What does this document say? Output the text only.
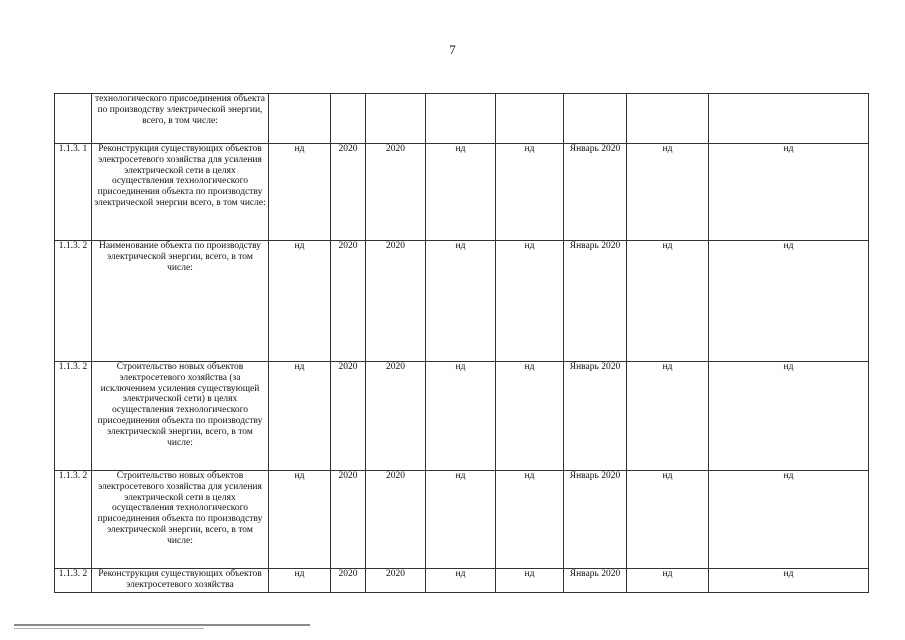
7
	технологического присоединения объекта по производству электрической энергии, всего, в том числе:								
1.1.3. 1	Реконструкция существующих объектов электросетевого хозяйства для усиления электрической сети в целях осуществления технологического присоединения объекта по производству электрической энергии всего, в том числе:	нд	2020	2020	нд	нд	Январь 2020	нд	нд
1.1.3. 2	Наименование объекта по производству электрической энергии, всего, в том числе:	нд	2020	2020	нд	нд	Январь 2020	нд	нд
1.1.3. 2	Строительство новых объектов электросетевого хозяйства (за исключением усиления существующей электрической сети) в целях осуществления технологического присоединения объекта по производству электрической энергии, всего, в том числе:	нд	2020	2020	нд	нд	Январь 2020	нд	нд
1.1.3. 2	Строительство новых объектов электросетевого хозяйства для усиления электрической сети в целях осуществления технологического присоединения объекта по производству электрической энергии, всего, в том числе:	нд	2020	2020	нд	нд	Январь 2020	нд	нд
1.1.3. 2	Реконструкция существующих объектов электросетевого хозяйства	нд	2020	2020	нд	нд	Январь 2020	нд	нд
